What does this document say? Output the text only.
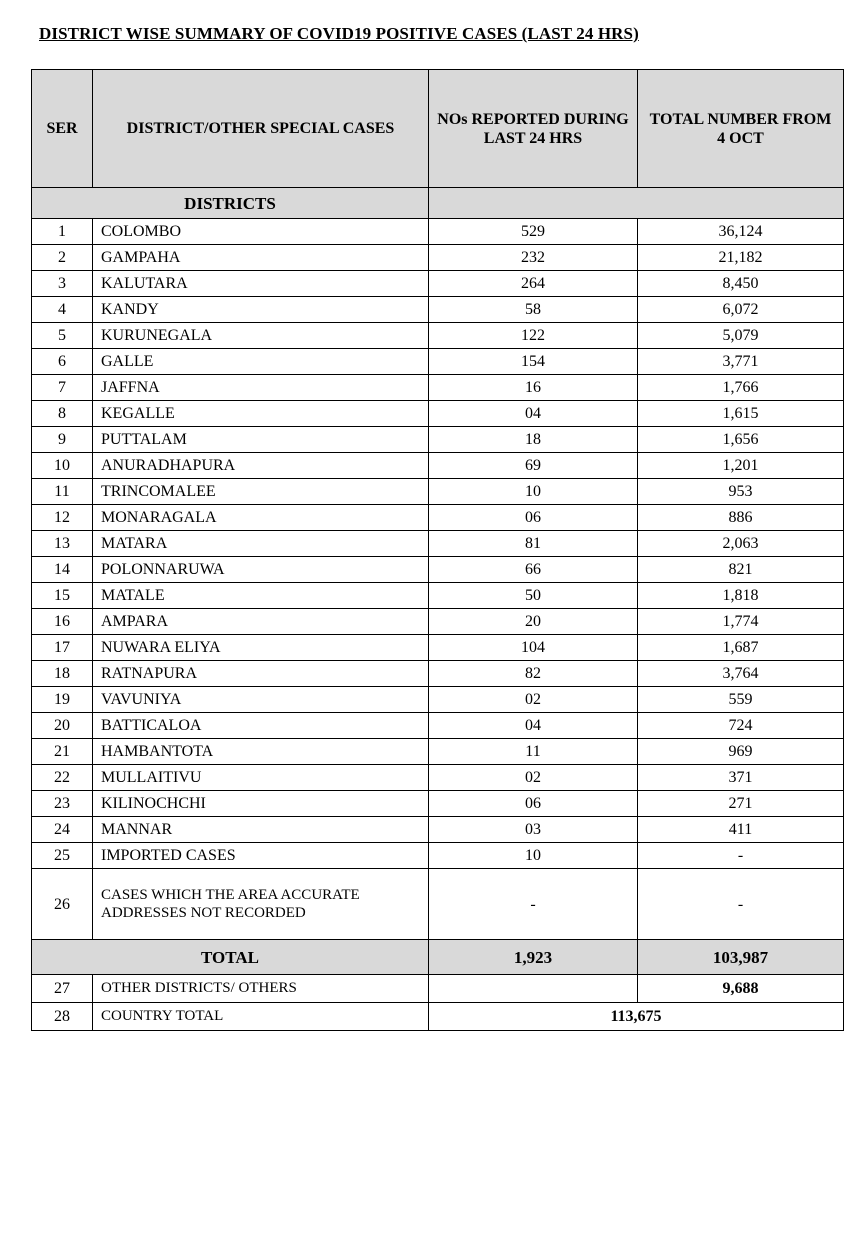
DISTRICT WISE SUMMARY OF COVID19 POSITIVE CASES (LAST 24 HRS)
SER	DISTRICT/OTHER SPECIAL CASES	NOs REPORTED DURING LAST 24 HRS	TOTAL NUMBER FROM 4 OCT
DISTRICTS			
1	COLOMBO	529	36,124
2	GAMPAHA	232	21,182
3	KALUTARA	264	8,450
4	KANDY	58	6,072
5	KURUNEGALA	122	5,079
6	GALLE	154	3,771
7	JAFFNA	16	1,766
8	KEGALLE	04	1,615
9	PUTTALAM	18	1,656
10	ANURADHAPURA	69	1,201
11	TRINCOMALEE	10	953
12	MONARAGALA	06	886
13	MATARA	81	2,063
14	POLONNARUWA	66	821
15	MATALE	50	1,818
16	AMPARA	20	1,774
17	NUWARA ELIYA	104	1,687
18	RATNAPURA	82	3,764
19	VAVUNIYA	02	559
20	BATTICALOA	04	724
21	HAMBANTOTA	11	969
22	MULLAITIVU	02	371
23	KILINOCHCHI	06	271
24	MANNAR	03	411
25	IMPORTED CASES	10	-
26	CASES WHICH THE AREA ACCURATE ADDRESSES NOT RECORDED	-	-
TOTAL		1,923	103,987
27	OTHER DISTRICTS/ OTHERS		9,688
28	COUNTRY TOTAL	113,675	
